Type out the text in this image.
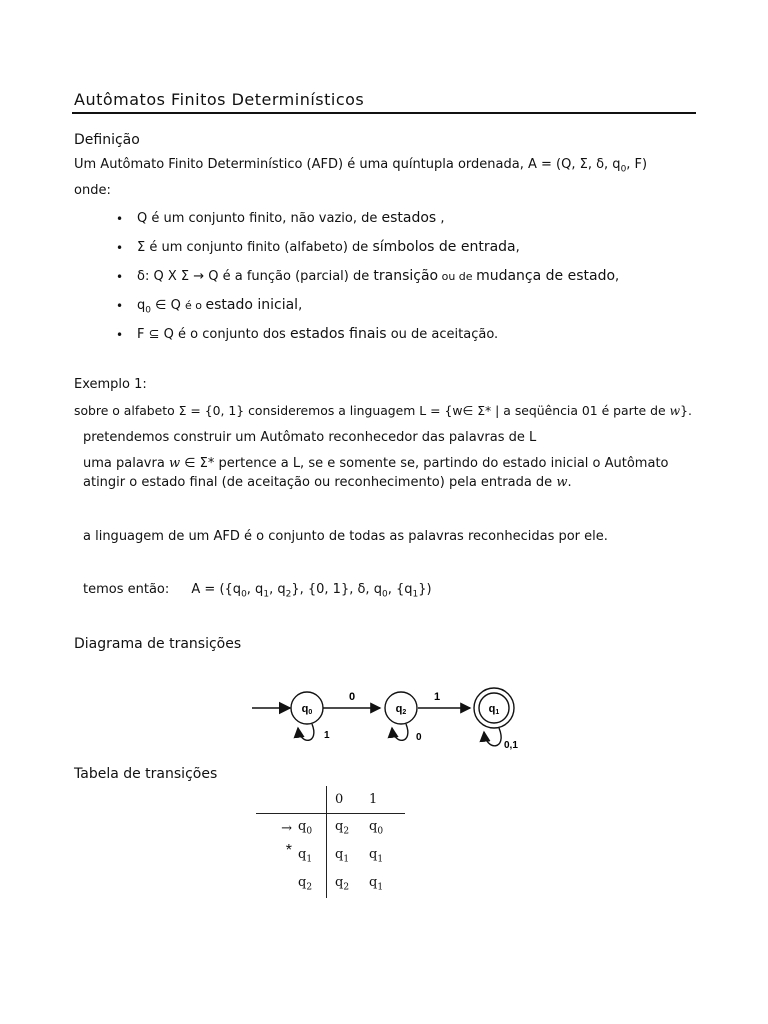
Autômatos Finitos Determinísticos
Definição
Um Autômato Finito Determinístico (AFD) é uma quíntupla ordenada, A = (Q, Σ, δ, $q_0$, F)
onde:
• Q é um conjunto finito, não vazio, de estados ,
• Σ é um conjunto finito (alfabeto) de símbolos de entrada,
• δ: Q X Σ → Q é a função (parcial) de transição ou de mudança de estado,
• $q_0$ ∈ Q é o estado inicial,
• F ⊆ Q é o conjunto dos estados finais ou de aceitação.
Exemplo 1:
sobre o alfabeto Σ = {0, 1} consideremos a linguagem L = {w∈ Σ* | a seqüência 01 é parte de w}.
pretendemos construir um Autômato reconhecedor das palavras de L
uma palavra w ∈ Σ* pertence a L, se e somente se, partindo do estado inicial o Autômato
atingir o estado final (de aceitação ou reconhecimento) pela entrada de w.
a linguagem de um AFD é o conjunto de todas as palavras reconhecidas por ele.
temos então: $A = (\{q_0$, $q_1$, $q_2$}, {0, 1}, δ, $q_0$, $\{q_1\}$)
Diagrama de transições
0	1
q0
1
q2
0
q1
0,1
Tabela de transições
		0	1
→	$q_0$	$q_2$	$q_0$
*	$q_1$	$q_1$	$q_1$
	$q_2$	$q_2$	$q_1$
